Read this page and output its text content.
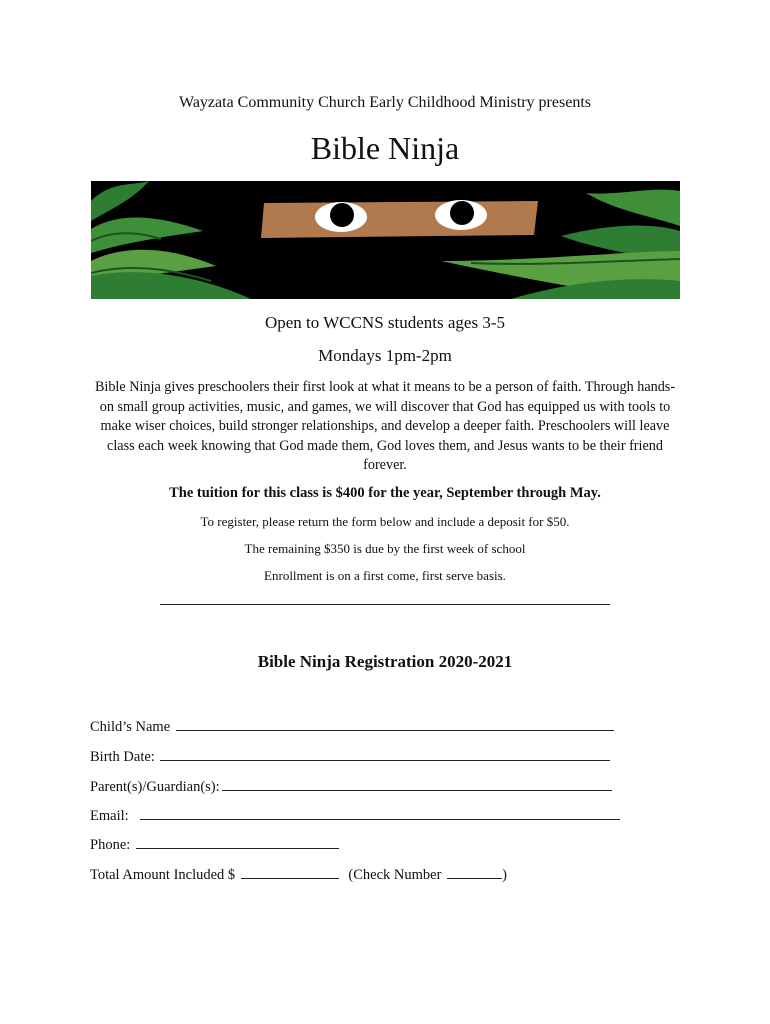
Wayzata Community Church Early Childhood Ministry presents
Bible Ninja
Open to WCCNS students ages 3-5
Mondays 1pm-2pm
Bible Ninja gives preschoolers their first look at what it means to be a person of faith. Through hands-on small group activities, music, and games, we will discover that God has equipped us with tools to make wiser choices, build stronger relationships, and develop a deeper faith. Preschoolers will leave class each week knowing that God made them, God loves them, and Jesus wants to be their friend forever.
The tuition for this class is $400 for the year, September through May.
To register, please return the form below and include a deposit for $50.
The remaining $350 is due by the first week of school
Enrollment is on a first come, first serve basis.
Bible Ninja Registration 2020-2021
Child’s Name
Birth Date:
Parent(s)/Guardian(s):
Email:
Phone:
Total Amount Included $	(Check Number	)
